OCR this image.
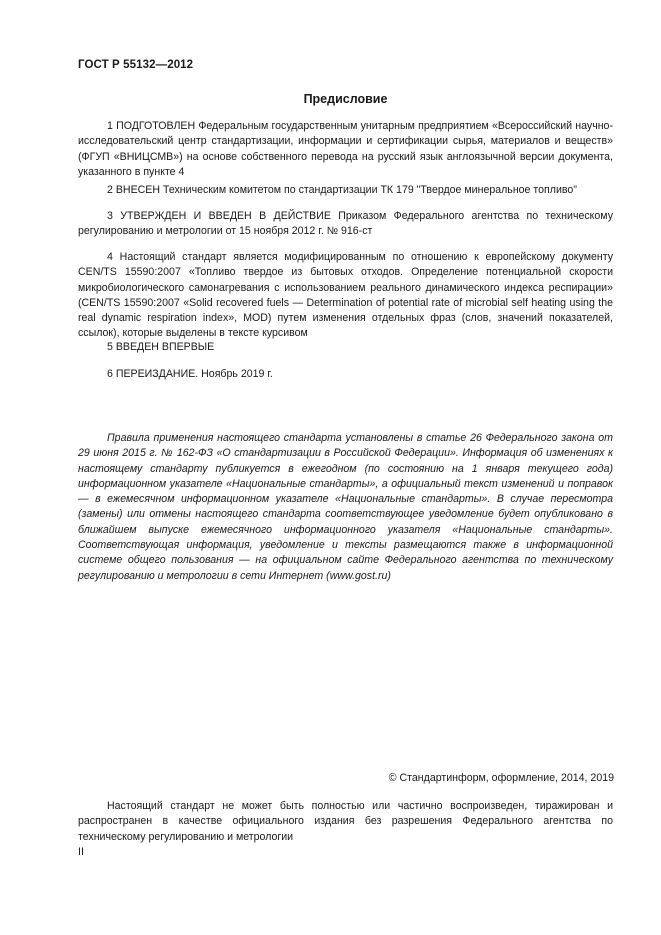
ГОСТ Р 55132—2012
Предисловие

1 ПОДГОТОВЛЕН Федеральным государственным унитарным предприятием «Всероссийский научно-исследовательский центр стандартизации, информации и сертификации сырья, материалов и веществ» (ФГУП «ВНИЦСМВ») на основе собственного перевода на русский язык англоязычной версии документа, указанного в пункте 4

2 ВНЕСЕН Техническим комитетом по стандартизации ТК 179 "Твердое минеральное топливо"

3 УТВЕРЖДЕН И ВВЕДЕН В ДЕЙСТВИЕ Приказом Федерального агентства по техническому регулированию и метрологии от 15 ноября 2012 г. № 916-ст

4 Настоящий стандарт является модифицированным по отношению к европейскому документу CEN/TS 15590:2007 «Топливо твердое из бытовых отходов. Определение потенциальной скорости микробиологического самонагревания с использованием реального динамического индекса респирации» (CEN/TS 15590:2007 «Solid recovered fuels — Determination of potential rate of microbial self heating using the real dynamic respiration index», MOD) путем изменения отдельных фраз (слов, значений показателей, ссылок), которые выделены в тексте курсивом

5 ВВЕДЕН ВПЕРВЫЕ

6 ПЕРЕИЗДАНИЕ. Ноябрь 2019 г.

Правила применения настоящего стандарта установлены в статье 26 Федерального закона от 29 июня 2015 г. № 162-ФЗ «О стандартизации в Российской Федерации». Информация об изменениях к настоящему стандарту публикуется в ежегодном (по состоянию на 1 января текущего года) информационном указателе «Национальные стандарты», а официальный текст изменений и поправок — в ежемесячном информационном указателе «Национальные стандарты». В случае пересмотра (замены) или отмены настоящего стандарта соответствующее уведомление будет опубликовано в ближайшем выпуске ежемесячного информационного указателя «Национальные стандарты». Соответствующая информация, уведомление и тексты размещаются также в информационной системе общего пользования — на официальном сайте Федерального агентства по техническому регулированию и метрологии в сети Интернет (www.gost.ru)

© Стандартинформ, оформление, 2014, 2019

Настоящий стандарт не может быть полностью или частично воспроизведен, тиражирован и распространен в качестве официального издания без разрешения Федерального агентства по техническому регулированию и метрологии

II
